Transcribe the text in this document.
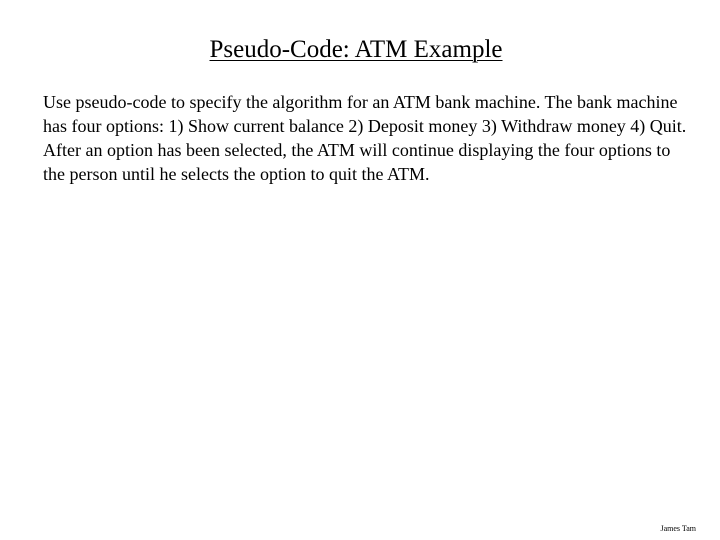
Pseudo-Code: ATM Example

Use pseudo-code to specify the algorithm for an ATM bank machine. The bank machine has four options: 1) Show current balance 2) Deposit money 3) Withdraw money 4) Quit. After an option has been selected, the ATM will continue displaying the four options to the person until he selects the option to quit the ATM.

James Tam
